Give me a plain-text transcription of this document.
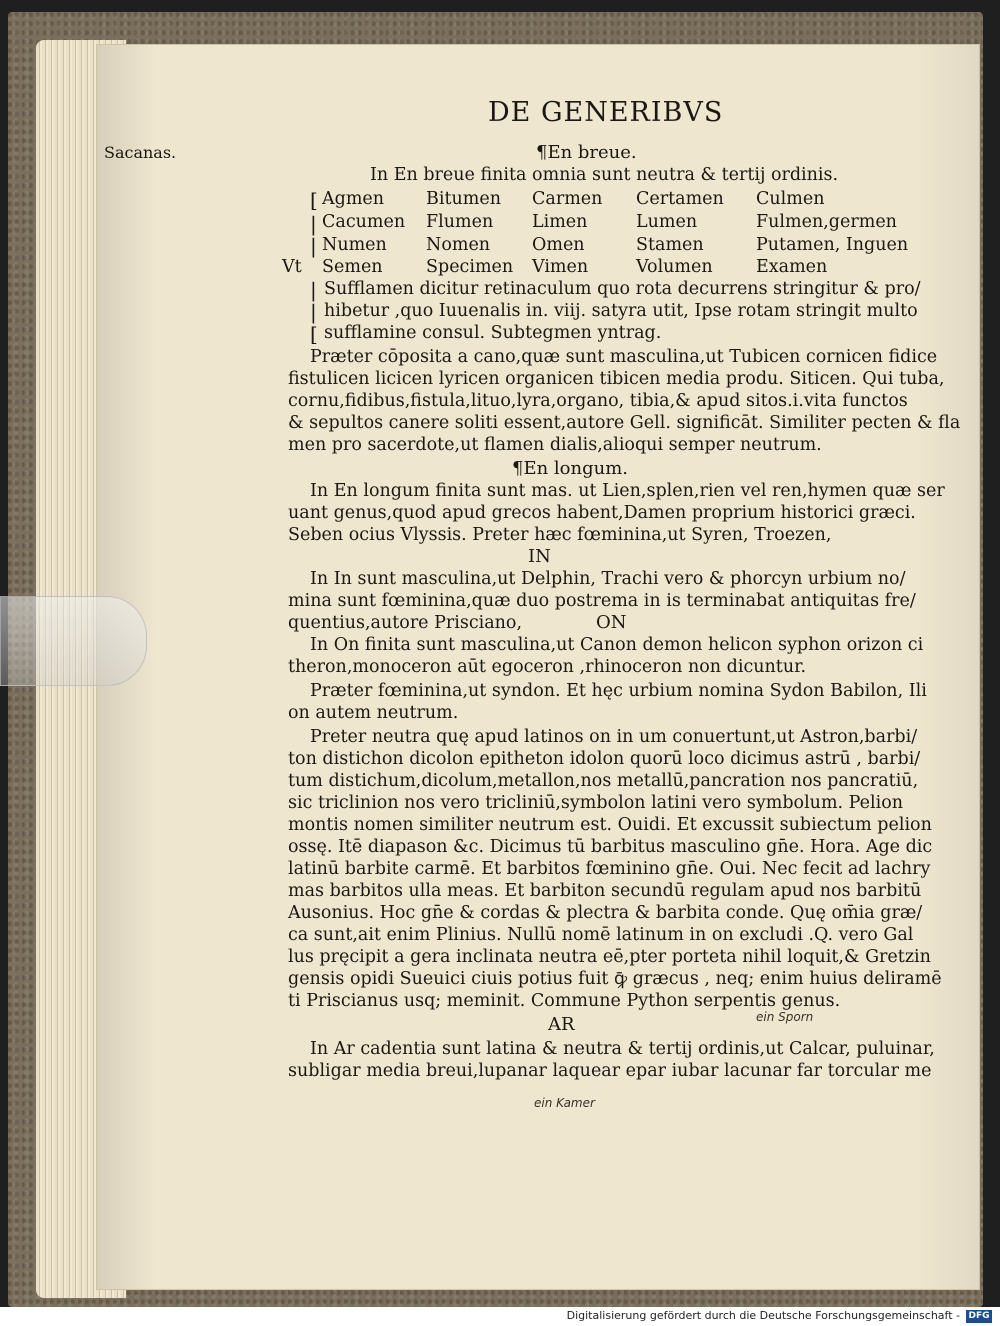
DE GENERIBVS
Sacanas.	¶En breue.
In En breue finita omnia sunt neutra & tertij ordinis.
[
|
|
Vt
Agmen Bitumen Carmen Certamen Culmen
Cacumen Flumen Limen	Lumen	Fulmen,germen
Numen Nomen Omen	Stamen	Putamen, Inguen
Semen Specimen Vimen	Volumen Examen
|
|
[
Sufflamen dicitur retinaculum quo rota decurrens stringitur & pro/
hibetur ,quo Iuuenalis in. viij. satyra utit, Ipse rotam stringit multo
sufflamine consul. Subtegmen yntrag.
Præter cōposita a cano,quæ sunt masculina,ut Tubicen cornicen fidice
fistulicen licicen lyricen organicen tibicen media produ. Siticen. Qui tuba,
cornu,fidibus,fistula,lituo,lyra,organo, tibia,& apud sitos.i.vita functos
& sepultos canere soliti essent,autore Gell. significāt. Similiter pecten & fla
men pro sacerdote,ut flamen dialis,alioqui semper neutrum.
¶En longum.
In En longum finita sunt mas. ut Lien,splen,rien vel ren,hymen quæ ser
uant genus,quod apud grecos habent,Damen proprium historici græci.
Seben ocius Vlyssis. Preter hæc fœminina,ut Syren, Troezen,
IN
In In sunt masculina,ut Delphin, Trachi vero & phorcyn urbium no/
mina sunt fœminina,quæ duo postrema in is terminabat antiquitas fre/
quentius,autore Prisciano,	ON
In On finita sunt masculina,ut Canon demon helicon syphon orizon ci
theron,monoceron aūt egoceron ,rhinoceron non dicuntur.
Præter fœminina,ut syndon. Et hęc urbium nomina Sydon Babilon, Ili
on autem neutrum.
Preter neutra quę apud latinos on in um conuertunt,ut Astron,barbi/
ton distichon dicolon epitheton idolon quorū loco dicimus astrū , barbi/
tum distichum,dicolum,metallon,nos metallū,pancration nos pancratiū,
sic triclinion nos vero tricliniū,symbolon latini vero symbolum. Pelion
montis nomen similiter neutrum est. Ouidi. Et excussit subiectum pelion
ossę. Itē diapason &c. Dicimus tū barbitus masculino gn̄e. Hora. Age dic
latinū barbite carmē. Et barbitos fœminino gn̄e. Oui. Nec fecit ad lachry
mas barbitos ulla meas. Et barbiton secundū regulam apud nos barbitū
Ausonius. Hoc gn̄e & cordas & plectra & barbita conde. Quę om̄ia græ/
ca sunt,ait enim Plinius. Nullū nomē latinum in on excludi .Q. vero Gal
lus pręcipit a gera inclinata neutra eē,pter porteta nihil loquit,& Gretzin
gensis opidi Sueuici ciuis potius fuit ꝙ̄ græcus , neq; enim huius deliramē
ti Priscianus usq; meminit. Commune Python serpentis genus.
AR	ein Sporn
In Ar cadentia sunt latina & neutra & tertij ordinis,ut Calcar, puluinar,
subligar media breui,lupanar laquear epar iubar lacunar far torcular me
ein Kamer
Digitalisierung gefördert durch die Deutsche Forschungsgemeinschaft - DFG
